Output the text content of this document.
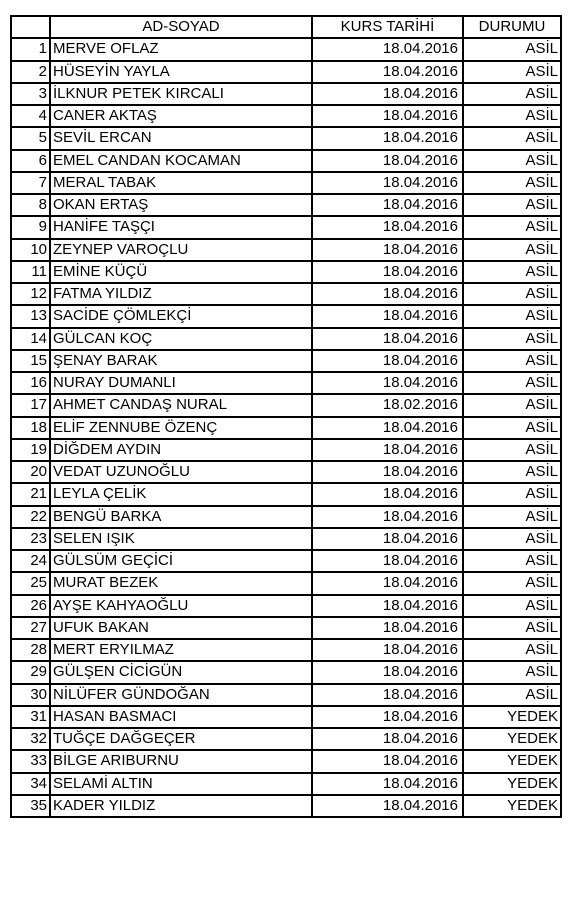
	AD-SOYAD	KURS TARİHİ	DURUMU
1	MERVE OFLAZ	18.04.2016	ASİL
2	HÜSEYİN YAYLA	18.04.2016	ASİL
3	İLKNUR PETEK KIRCALI	18.04.2016	ASİL
4	CANER AKTAŞ	18.04.2016	ASİL
5	SEVİL ERCAN	18.04.2016	ASİL
6	EMEL CANDAN KOCAMAN	18.04.2016	ASİL
7	MERAL TABAK	18.04.2016	ASİL
8	OKAN ERTAŞ	18.04.2016	ASİL
9	HANİFE TAŞÇI	18.04.2016	ASİL
10	ZEYNEP VAROÇLU	18.04.2016	ASİL
11	EMİNE KÜÇÜ	18.04.2016	ASİL
12	FATMA YILDIZ	18.04.2016	ASİL
13	SACİDE ÇÖMLEKÇİ	18.04.2016	ASİL
14	GÜLCAN KOÇ	18.04.2016	ASİL
15	ŞENAY BARAK	18.04.2016	ASİL
16	NURAY DUMANLI	18.04.2016	ASİL
17	AHMET CANDAŞ NURAL	18.02.2016	ASİL
18	ELİF ZENNUBE ÖZENÇ	18.04.2016	ASİL
19	DİĞDEM AYDIN	18.04.2016	ASİL
20	VEDAT UZUNOĞLU	18.04.2016	ASİL
21	LEYLA ÇELİK	18.04.2016	ASİL
22	BENGÜ BARKA	18.04.2016	ASİL
23	SELEN IŞIK	18.04.2016	ASİL
24	GÜLSÜM GEÇİCİ	18.04.2016	ASİL
25	MURAT BEZEK	18.04.2016	ASİL
26	AYŞE KAHYAOĞLU	18.04.2016	ASİL
27	UFUK BAKAN	18.04.2016	ASİL
28	MERT ERYILMAZ	18.04.2016	ASİL
29	GÜLŞEN CİCİGÜN	18.04.2016	ASİL
30	NİLÜFER GÜNDOĞAN	18.04.2016	ASİL
31	HASAN BASMACI	18.04.2016	YEDEK
32	TUĞÇE DAĞGEÇER	18.04.2016	YEDEK
33	BİLGE ARIBURNU	18.04.2016	YEDEK
34	SELAMİ ALTIN	18.04.2016	YEDEK
35	KADER YILDIZ	18.04.2016	YEDEK
